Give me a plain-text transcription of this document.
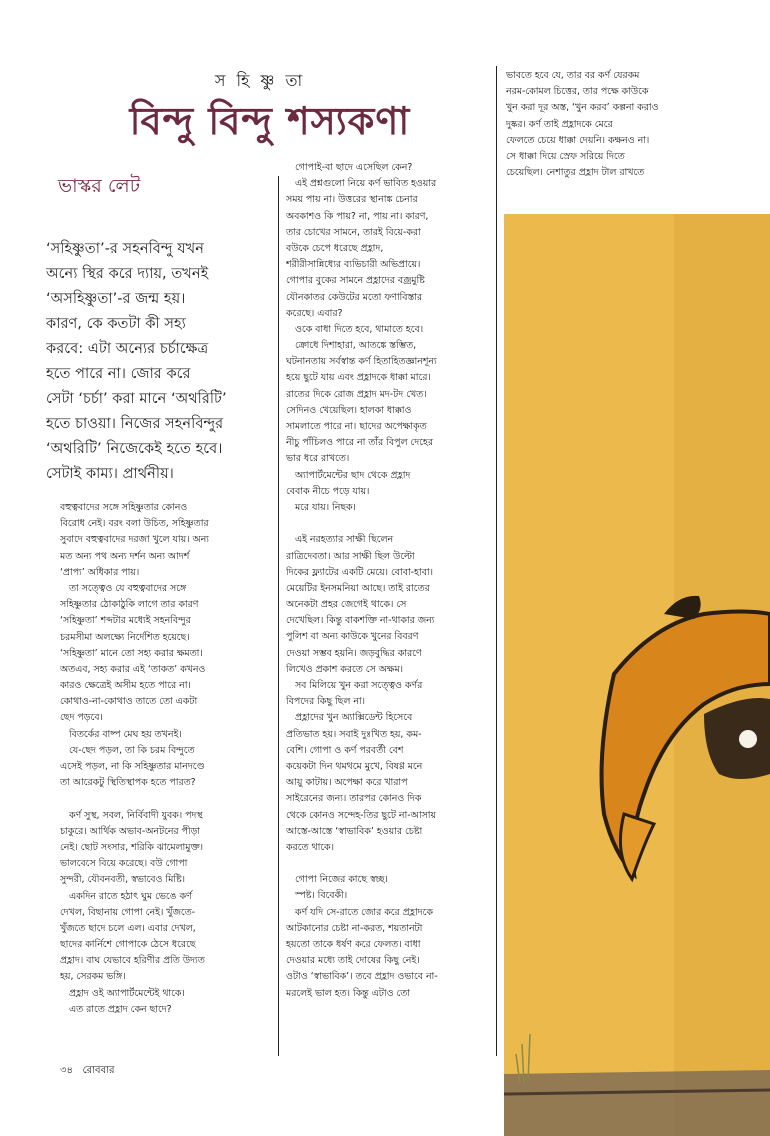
স হি ষ্ণু তা
বিন্দু বিন্দু শস্যকণা
ভাস্কর লেট
‘সহিষ্ণুতা’-র সহনবিন্দু যখন
অন্যে স্থির করে দ্যায়, তখনই
‘অসহিষ্ণুতা’-র জন্ম হয়।
কারণ, কে কতটা কী সহ্য
করবে: এটা অন্যের চর্চাক্ষেত্র
হতে পারে না। জোর করে
সেটা ‘চর্চা’ করা মানে ‘অথরিটি’
হতে চাওয়া। নিজের সহনবিন্দুর
‘অথরিটি’ নিজেকেই হতে হবে।
সেটাই কাম্য। প্রার্থনীয়।
বহুত্ববাদের সঙ্গে সহিষ্ণুতার কোনও
বিরোধ নেই। বরং বলা উচিত, সহিষ্ণুতার
সুবাদে বহুত্ববাদের দরজা খুলে যায়। অন্য
মত অন্য পথ অন্য দর্শন অন্য আদর্শ
‘প্রাপ্য’ অধিকার পায়।
তা সত্ত্বেও যে বহুত্ববাদের সঙ্গে
সহিষ্ণুতার ঠোকাঠুকি লাগে তার কারণ
‘সহিষ্ণুতা’ শব্দটার মধ্যেই সহনবিন্দুর
চরমসীমা অলক্ষ্যে নির্দেশিত হয়েছে।
‘সহিষ্ণুতা’ মানে তো সহ্য করার ক্ষমতা।
অতএব, সহ্য করার এই ‘তাকত’ কখনও
কারও ক্ষেত্রেই অসীম হতে পারে না।
কোথাও-না-কোথাও তাতে তো একটা
ছেদ পড়বে।
বিতর্কের বাষ্প মেঘ হয় তখনই।
যে-ছেদ পড়ল, তা কি চরম বিন্দুতে
এসেই পড়ল, না কি সহিষ্ণুতার মানদণ্ডে
তা আরেকটু স্থিতিস্থাপক হতে পারত?

কর্ণ সুস্থ, সবল, নির্বিবাদী যুবক। পদস্থ
চাকুরে। আর্থিক অভাব-অনটনের পীড়া
নেই। ছোট সংসার, শরিকি ঝামেলামুক্ত।
ভালবেসে বিয়ে করেছে। বউ গোপা
সুন্দরী, যৌবনবতী, স্বভাবেও মিষ্টি।
একদিন রাতে হঠাৎ ঘুম ভেঙে কর্ণ
দেখল, বিছানায় গোপা নেই। খুঁজতে-
খুঁজতে ছাদে চলে এল। এবার দেখল,
ছাদের কার্নিশে গোপাকে ঠেসে ধরেছে
প্রহ্লাদ। বাঘ যেভাবে হরিণীর প্রতি উদ্যত
হয়, সেরকম ভঙ্গি।
প্রহ্লাদ ওই অ্যাপার্টমেন্টেই থাকে।
এত রাতে প্রহ্লাদ কেন ছাদে?
গোপাই-বা ছাদে এসেছিল কেন?
এই প্রশ্নগুলো নিয়ে কর্ণ ভাবিত হওয়ার
সময় পায় না। উত্তরের স্থানাঙ্ক চেনার
অবকাশও কি পায়? না, পায় না। কারণ,
তার চোখের সামনে, তারই বিয়ে-করা
বউকে চেপে ধরেছে প্রহ্লাদ,
শরীরীসান্নিধ্যের ব্যভিচারী অভিপ্রায়ে।
গোপার বুকের সামনে প্রহ্লাদের বজ্রমুষ্টি
যৌনকাতর কেউটের মতো ফণাবিস্তার
করেছে। এবার?
ওকে বাধা দিতে হবে, থামাতে হবে।
ক্রোধে দিশাহারা, আতঙ্কে স্তম্ভিত,
ঘটনানতায় সর্বস্বান্ত কর্ণ হিতাহিতজ্ঞানশূন্য
হয়ে ছুটে যায় এবং প্রহ্লাদকে ধাক্কা মারে।
রাতের দিকে রোজ প্রহ্লাদ মদ-টদ খেত।
সেদিনও খেয়েছিল। হালকা ধাক্কাও
সামলাতে পারে না। ছাদের অপেক্ষাকৃত
নীচু পাঁচিলও পারে না তাঁর বিপুল দেহের
ভার ধরে রাখতে।
অ্যাপার্টমেন্টের ছাদ থেকে প্রহ্লাদ
বেবাক নীচে পড়ে যায়।
মরে যায়। নিছক।

এই নরহত্যার সাক্ষী ছিলেন
রাত্রিদেবতা। আর সাক্ষী ছিল উল্টো
দিকের ফ্ল্যাটের একটি মেয়ে। বোবা-হাবা।
মেয়েটির ইনসমনিয়া আছে। তাই রাতের
অনেকটা প্রহর জেগেই থাকে। সে
দেখেছিল। কিন্তু বাকশক্তি না-থাকার জন্য
পুলিশ বা অন্য কাউকে খুনের বিবরণ
দেওয়া সম্ভব হয়নি। জড়বুদ্ধির কারণে
লিখেও প্রকাশ করতে সে অক্ষম।
সব মিলিয়ে খুন করা সত্ত্বেও কর্ণর
বিপদের কিছু ছিল না।
প্রহ্লাদের খুন অ্যাক্সিডেন্ট হিসেবে
প্রতিভাত হয়। সবাই দুঃখিত হয়, কম-
বেশি। গোপা ও কর্ণ পরবর্তী বেশ
কয়েকটা দিন থমথমে মুখে, বিষণ্ণ মনে
আয়ু কাটায়। অপেক্ষা করে খারাপ
সাইরেনের জন্য। তারপর কোনও দিক
থেকে কোনও সন্দেহ-তির ছুটে না-আসায়
আস্তে-আস্তে ‘স্বাভাবিক’ হওয়ার চেষ্টা
করতে থাকে।

গোপা নিজের কাছে স্বচ্ছ।
স্পষ্ট। বিবেকী।
কর্ণ যদি সে-রাতে জোর করে প্রহ্লাদকে
আটকানোর চেষ্টা না-করত, শয়তানটা
হয়তো তাকে ধর্ষণ করে ফেলত। বাধা
দেওয়ার মধ্যে তাই দোষের কিছু নেই।
ওটাও ‘স্বাভাবিক’। তবে প্রহ্লাদ ওভাবে না-
মরলেই ভাল হত। কিন্তু এটাও তো
ভাবতে হবে যে, তার বর কর্ণ যেরকম
নরম-কোমল চিত্তের, তার পক্ষে কাউকে
খুন করা দূর অস্ত, ‘খুন করব’ কল্পনা করাও
দুষ্কর। কর্ণ তাই প্রহ্লাদকে মেরে
ফেলতে চেয়ে ধাক্কা দেয়নি। কক্ষনও না।
সে ধাক্কা দিয়ে স্রেফ সরিয়ে দিতে
চেয়েছিল। নেশাতুর প্রহ্লাদ টাল রাখতে
৩৪ রোববার
